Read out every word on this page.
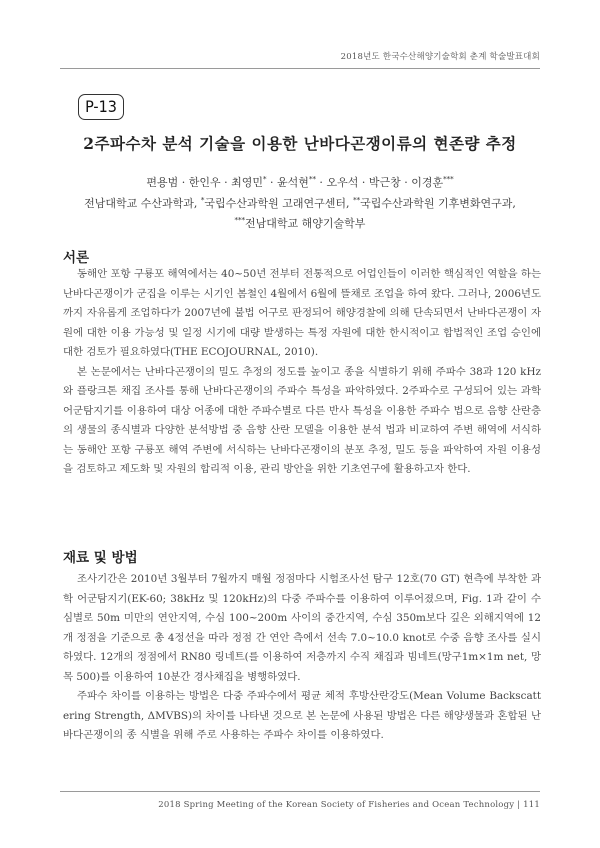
2018년도 한국수산해양기술학회 춘계 학술발표대회
P-13
2주파수차 분석 기술을 이용한 난바다곤쟁이류의 현존량 추정
편용범 · 한인우 · 최영민* · 윤석현** · 오우석 · 박근창 · 이경훈***
전남대학교 수산과학과, *국립수산과학원 고래연구센터, **국립수산과학원 기후변화연구과,
***전남대학교 해양기술학부
서론

동해안 포항 구룡포 해역에서는 40~50년 전부터 전통적으로 어업인들이 이러한 핵심적인 역할을 하는 난바다곤쟁이가 군집을 이루는 시기인 봄철인 4월에서 6월에 뜰채로 조업을 하여 왔다. 그러나, 2006년도까지 자유롭게 조업하다가 2007년에 불법 어구로 판정되어 해양경찰에 의해 단속되면서 난바다곤쟁이 자원에 대한 이용 가능성 및 일정 시기에 대량 발생하는 특정 자원에 대한 한시적이고 합법적인 조업 승인에 대한 검토가 필요하였다(THE ECOJOURNAL, 2010).

본 논문에서는 난바다곤쟁이의 밀도 추정의 정도를 높이고 종을 식별하기 위해 주파수 38과 120 kHz와 플랑크톤 채집 조사를 통해 난바다곤쟁이의 주파수 특성을 파악하였다. 2주파수로 구성되어 있는 과학어군탐지기를 이용하여 대상 어종에 대한 주파수별로 다른 반사 특성을 이용한 주파수 법으로 음향 산란층의 생물의 종식별과 다양한 분석방법 중 음향 산란 모델을 이용한 분석 법과 비교하여 주변 해역에 서식하는 동해안 포항 구룡포 해역 주변에 서식하는 난바다곤쟁이의 분포 추정, 밀도 등을 파악하여 자원 이용성을 검토하고 제도화 및 자원의 합리적 이용, 관리 방안을 위한 기초연구에 활용하고자 한다.

재료 및 방법

조사기간은 2010년 3월부터 7월까지 매월 정점마다 시험조사선 탐구 12호(70 GT) 현측에 부착한 과학 어군탐지기(EK-60; 38kHz 및 120kHz)의 다중 주파수를 이용하여 이루어졌으며, Fig. 1과 같이 수심별로 50m 미만의 연안지역, 수심 100~200m 사이의 중간지역, 수심 350m보다 깊은 외해지역에 12개 정점을 기준으로 총 4정선을 따라 정점 간 연안 측에서 선속 7.0~10.0 knot로 수중 음향 조사를 실시하였다. 12개의 정점에서 RN80 링네트(를 이용하여 저층까지 수직 채집과 빔네트(망구1m×1m net, 망목 500)를 이용하여 10분간 경사채집을 병행하였다.

주파수 차이를 이용하는 방법은 다중 주파수에서 평균 체적 후방산란강도(Mean Volume Backscattering Strength, ΔMVBS)의 차이를 나타낸 것으로 본 논문에 사용된 방법은 다른 해양생물과 혼합된 난바다곤쟁이의 종 식별을 위해 주로 사용하는 주파수 차이를 이용하였다.

2018 Spring Meeting of the Korean Society of Fisheries and Ocean Technology | 111
